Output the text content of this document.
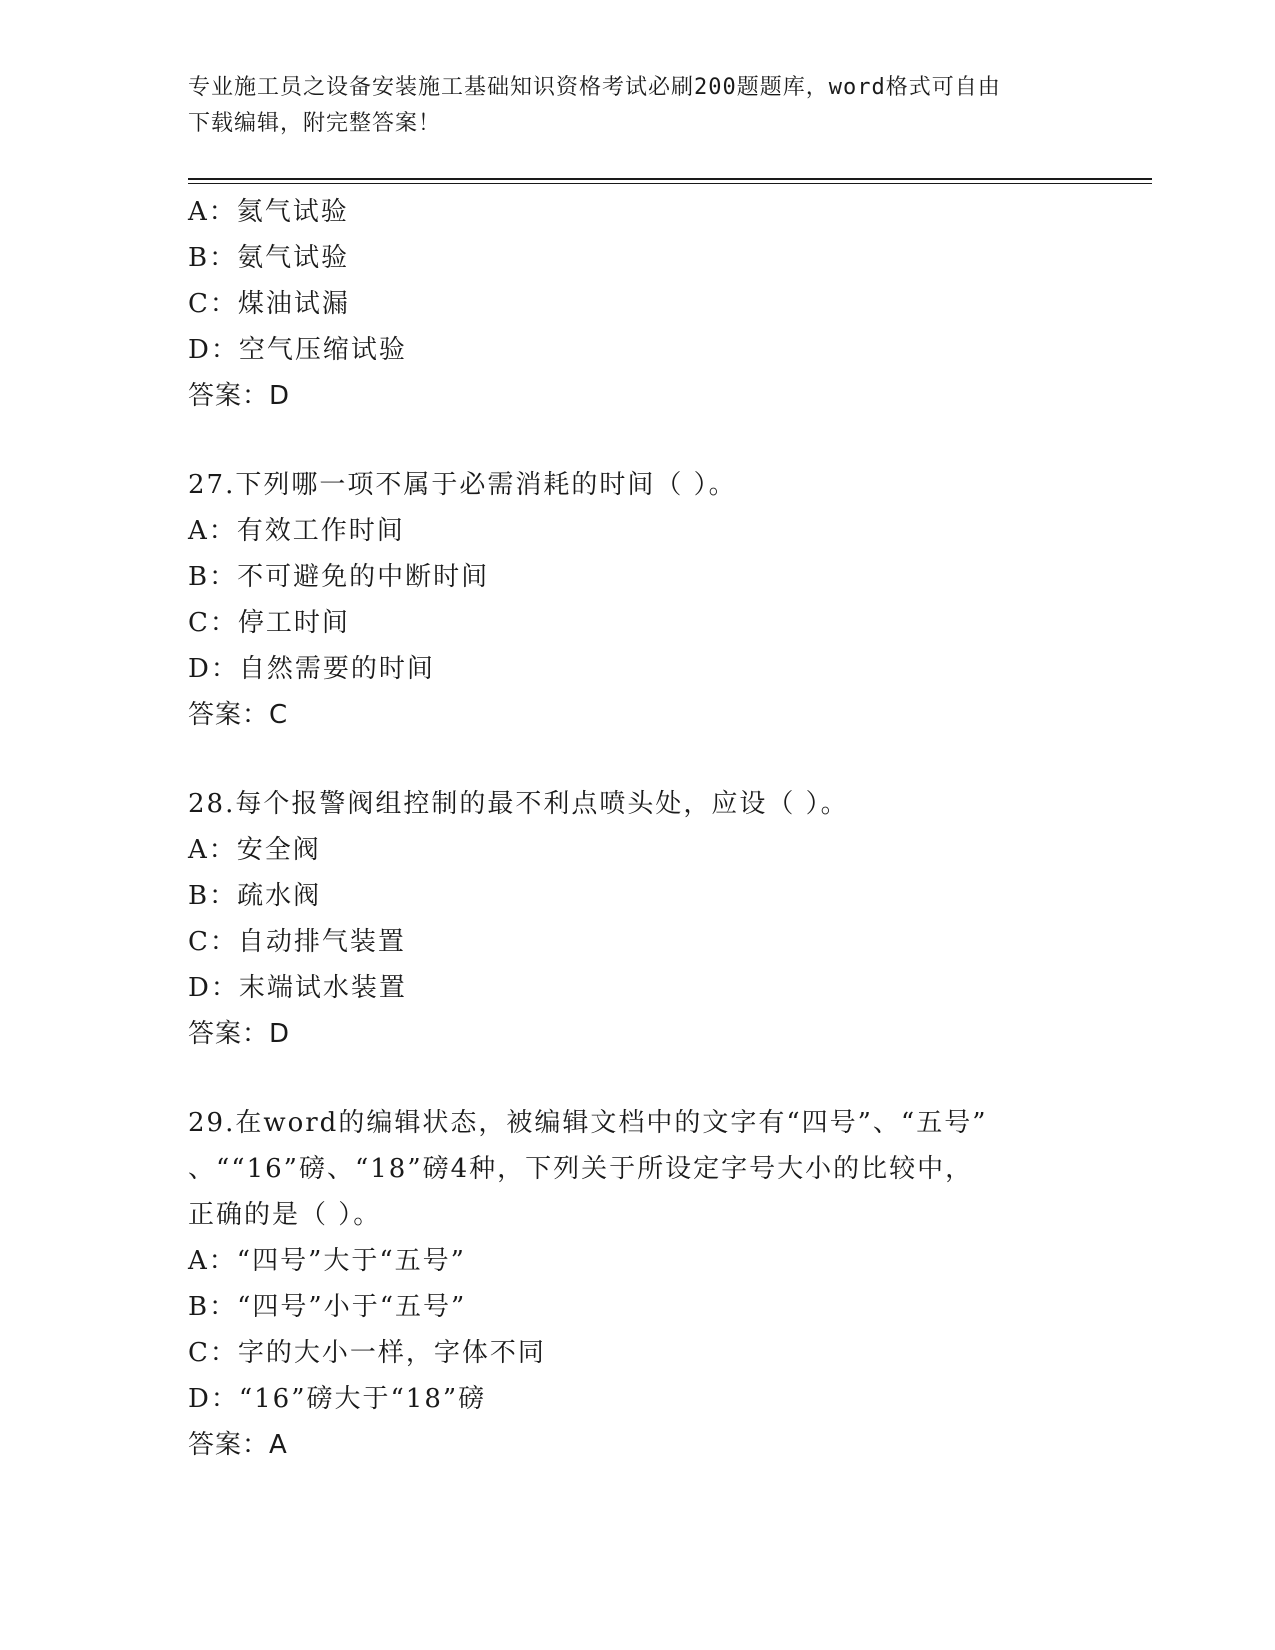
专业施工员之设备安装施工基础知识资格考试必刷200题题库，word格式可自由
下载编辑，附完整答案！
A：氦气试验
B：氨气试验
C：煤油试漏
D：空气压缩试验
答案：D
27.下列哪一项不属于必需消耗的时间（ ）。
A：有效工作时间
B：不可避免的中断时间
C：停工时间
D：自然需要的时间
答案：C
28.每个报警阀组控制的最不利点喷头处，应设（ ）。
A：安全阀
B：疏水阀
C：自动排气装置
D：末端试水装置
答案：D
29.在word的编辑状态，被编辑文档中的文字有“四号”、“五号”
、““16”磅、“18”磅4种，下列关于所设定字号大小的比较中，
正确的是（ ）。
A：“四号”大于“五号”
B：“四号”小于“五号”
C：字的大小一样，字体不同
D：“16”磅大于“18”磅
答案：A
